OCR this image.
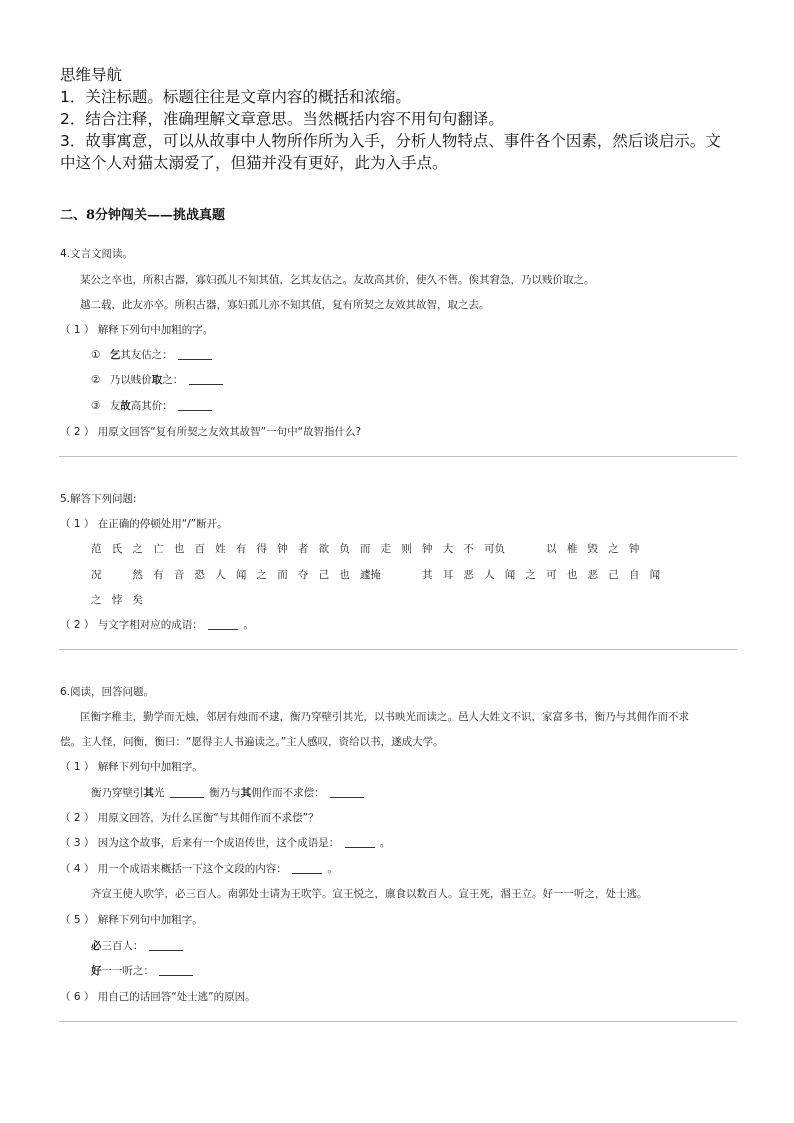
思维导航
1．关注标题。标题往往是文章内容的概括和浓缩。
2．结合注释，准确理解文章意思。当然概括内容不用句句翻译。
3．故事寓意，可以从故事中人物所作所为入手，分析人物特点、事件各个因素，然后谈启示。文
中这个人对猫太溺爱了，但猫并没有更好，此为入手点。
二、8分钟闯关——挑战真题
4.文言文阅读。
某公之卒也，所积古器，寡妇孤儿不知其值，乞其友估之。友故高其价，使久不售。俟其窘急，乃以贱价取之。
越二载，此友亦卒。所积古器，寡妇孤儿亦不知其值，复有所契之友效其故智，取之去。
（ 1 ） 解释下列句中加粗的字。
① 乞其友估之：
② 乃以贱价取之：
③ 友故高其价：
（ 2 ） 用原文回答“复有所契之友效其故智”一句中“故智指什么?
5.解答下列问题:
（ 1 ） 在正确的停顿处用“/”断开。
范 氏 之 亡 也 百 姓 有 得 钟 者 欲 负 而 走 则 钟 大 不 可负	以 椎 毁 之 钟
况	然 有 音 恐 人 闻 之 而 夺 己 也 遽掩	其 耳 恶 人 闻 之 可 也 恶 己 自 闻
之 悖 矣
（ 2 ） 与文字相对应的成语：	。
6.阅读，回答问题。
匡衡字稚圭，勤学而无烛，邻居有烛而不逮，衡乃穿壁引其光，以书映光而读之。邑人大姓文不识，家富多书，衡乃与其佣作而不求
偿。主人怪，问衡，衡曰：“愿得主人书遍读之。”主人感叹，资给以书，遂成大学。
（ 1 ） 解释下列句中加粗字。
衡乃穿壁引其光	衡乃与其佣作而不求偿：
（ 2 ） 用原文回答，为什么匡衡“与其佣作而不求偿”？
（ 3 ） 因为这个故事，后来有一个成语传世，这个成语是：	。
（ 4 ） 用一个成语来概括一下这个文段的内容：	。
齐宣王使人吹竽，必三百人。南郭处士请为王吹竽。宣王悦之，廪食以数百人。宣王死，湣王立。好一一听之，处士逃。
（ 5 ） 解释下列句中加粗字。
必三百人：
好一一听之：
（ 6 ） 用自己的话回答“处士逃”的原因。
